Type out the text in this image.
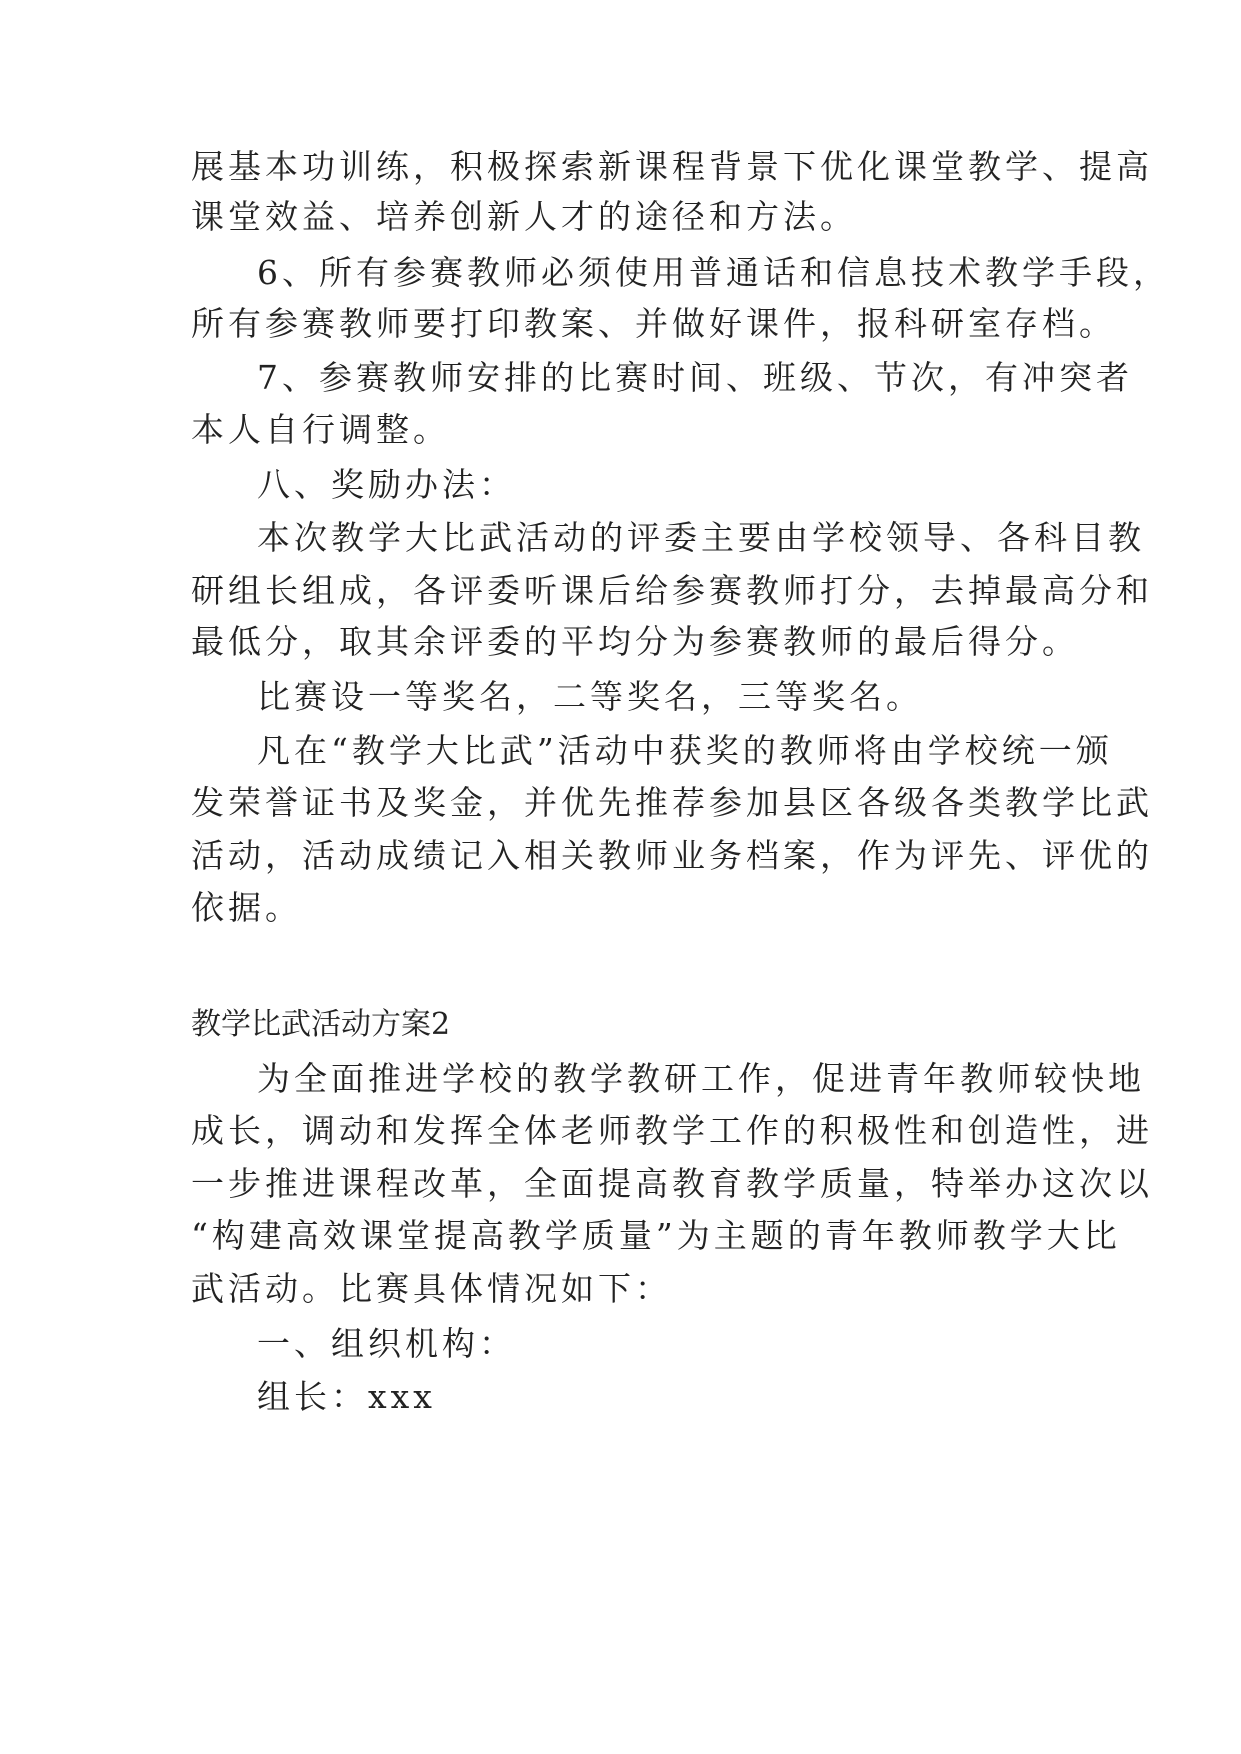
展基本功训练，积极探索新课程背景下优化课堂教学、提高
课堂效益、培养创新人才的途径和方法。
6、所有参赛教师必须使用普通话和信息技术教学手段，
所有参赛教师要打印教案、并做好课件，报科研室存档。
7、参赛教师安排的比赛时间、班级、节次，有冲突者
本人自行调整。
八、奖励办法：
本次教学大比武活动的评委主要由学校领导、各科目教
研组长组成，各评委听课后给参赛教师打分，去掉最高分和
最低分，取其余评委的平均分为参赛教师的最后得分。
比赛设一等奖名，二等奖名，三等奖名。
凡在“教学大比武”活动中获奖的教师将由学校统一颁
发荣誉证书及奖金，并优先推荐参加县区各级各类教学比武
活动，活动成绩记入相关教师业务档案，作为评先、评优的
依据。
教学比武活动方案2
为全面推进学校的教学教研工作，促进青年教师较快地
成长，调动和发挥全体老师教学工作的积极性和创造性，进
一步推进课程改革，全面提高教育教学质量，特举办这次以
“构建高效课堂提高教学质量”为主题的青年教师教学大比
武活动。比赛具体情况如下：
一、组织机构：
组长：xxx
